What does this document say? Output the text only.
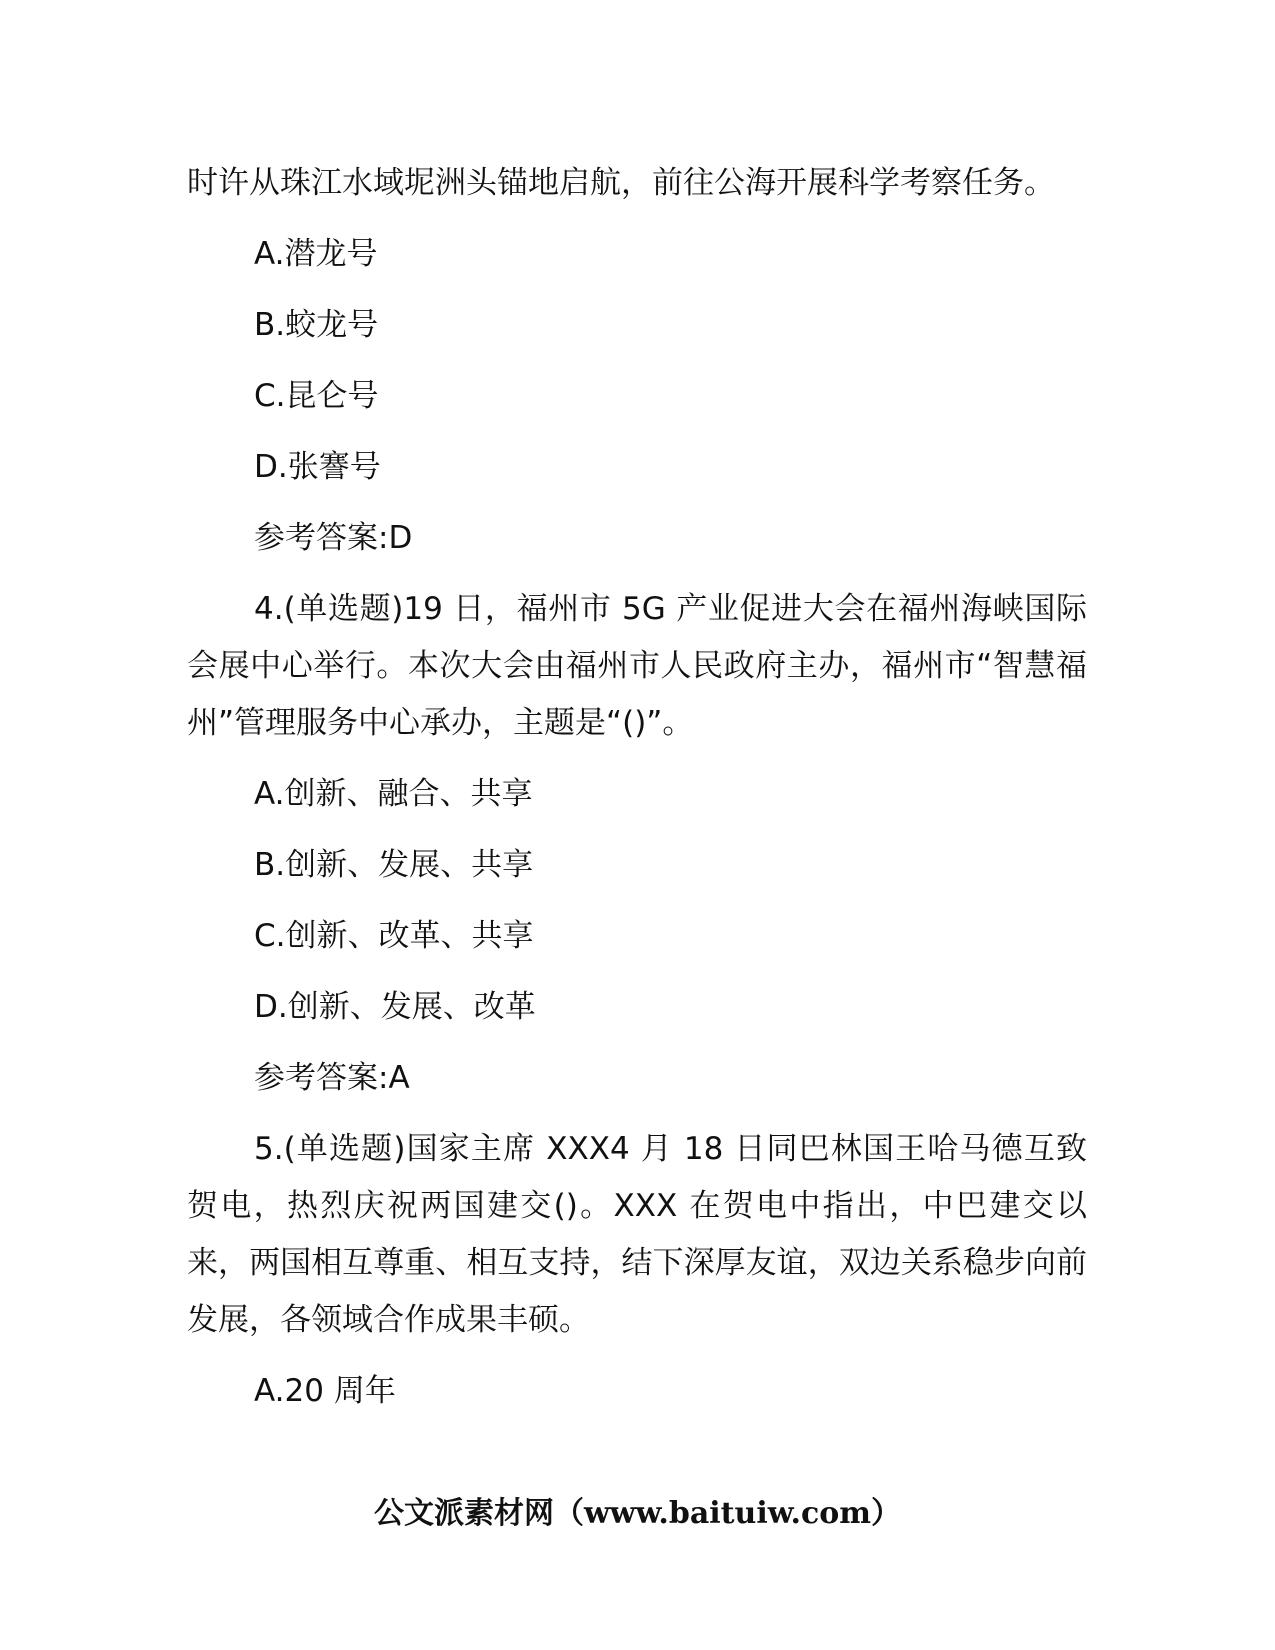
时许从珠江水域坭洲头锚地启航，前往公海开展科学考察任务。

A.潜龙号
B.蛟龙号
C.昆仑号
D.张謇号
参考答案:D

4.(单选题)19 日，福州市 5G 产业促进大会在福州海峡国际会展中心举行。本次大会由福州市人民政府主办，福州市“智慧福州”管理服务中心承办，主题是“()”。

A.创新、融合、共享
B.创新、发展、共享
C.创新、改革、共享
D.创新、发展、改革
参考答案:A

5.(单选题)国家主席 XXX4 月 18 日同巴林国王哈马德互致贺电，热烈庆祝两国建交()。XXX 在贺电中指出，中巴建交以来，两国相互尊重、相互支持，结下深厚友谊，双边关系稳步向前发展，各领域合作成果丰硕。

A.20 周年
公文派素材网（www.baituiw.com）
